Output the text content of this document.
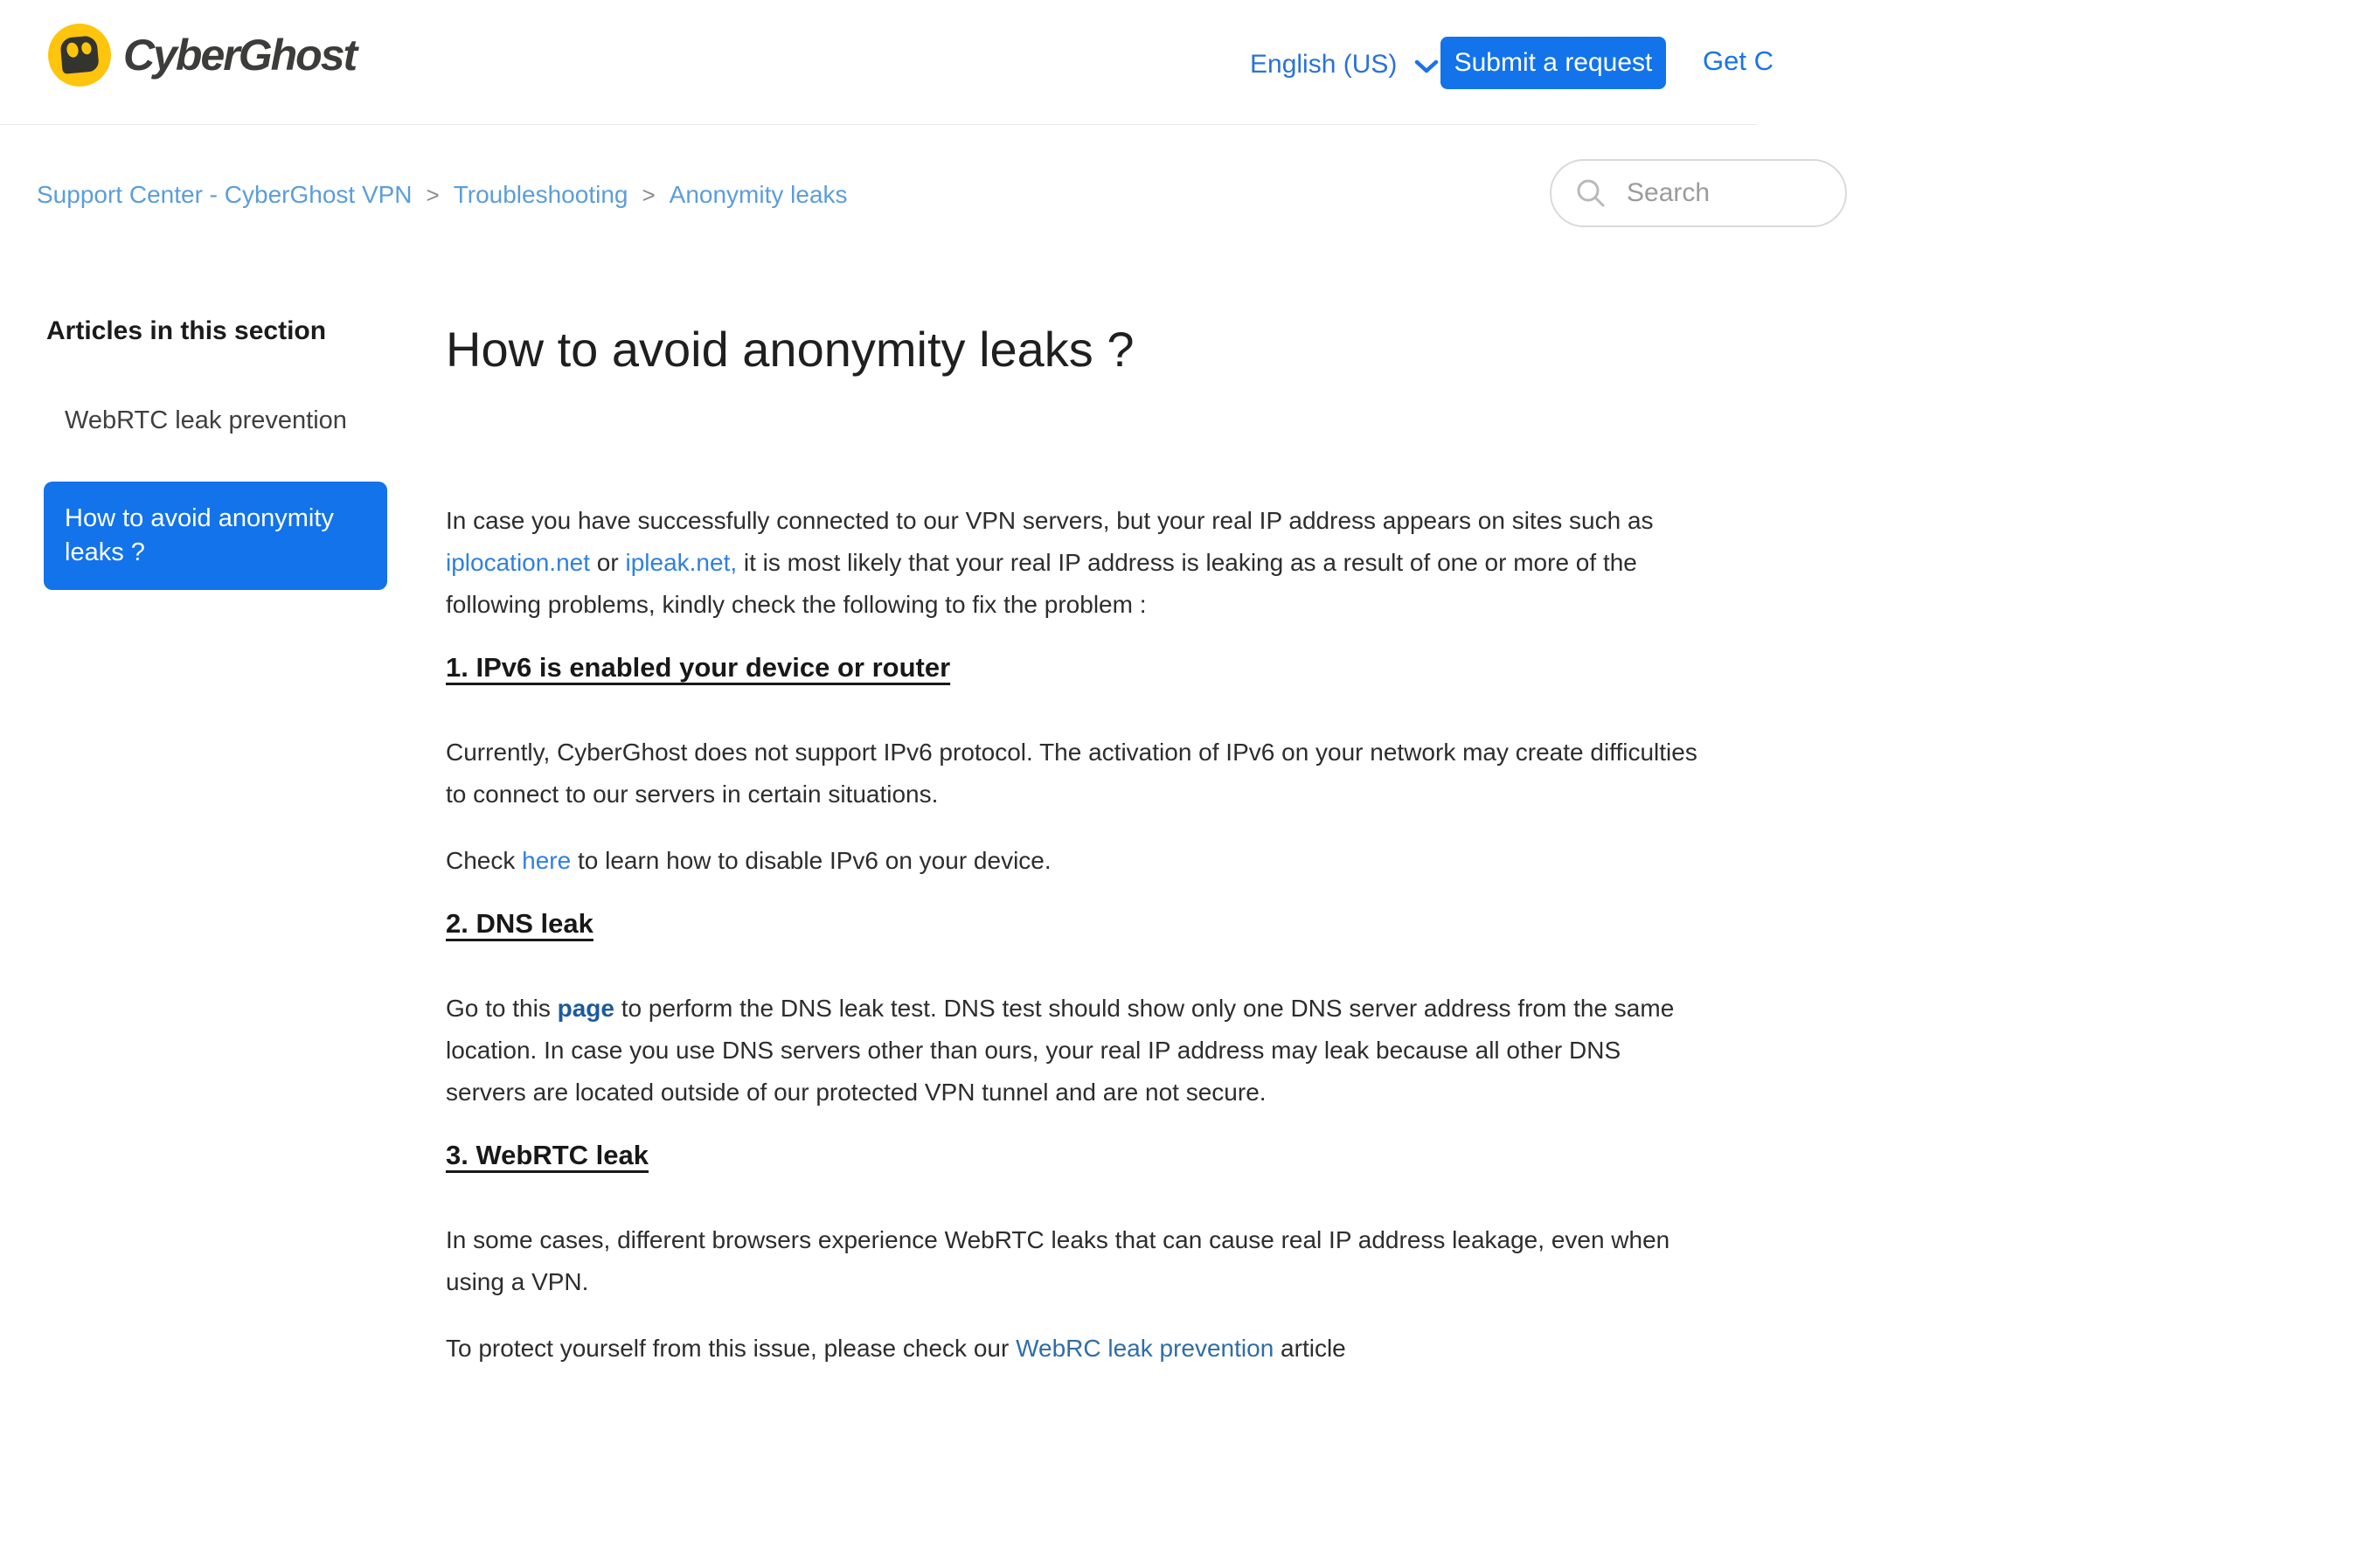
CyberGhost	English (US)	Submit a request	Get C
Support Center - CyberGhost VPN > Troubleshooting > Anonymity leaks
Search
Articles in this section
WebRTC leak prevention
How to avoid anonymity leaks ?
How to avoid anonymity leaks ?

In case you have successfully connected to our VPN servers, but your real IP address appears on sites such as iplocation.net or ipleak.net, it is most likely that your real IP address is leaking as a result of one or more of the following problems, kindly check the following to fix the problem :

1. IPv6 is enabled your device or router

Currently, CyberGhost does not support IPv6 protocol. The activation of IPv6 on your network may create difficulties to connect to our servers in certain situations.

Check here to learn how to disable IPv6 on your device.

2. DNS leak

Go to this page to perform the DNS leak test. DNS test should show only one DNS server address from the same location. In case you use DNS servers other than ours, your real IP address may leak because all other DNS servers are located outside of our protected VPN tunnel and are not secure.

3. WebRTC leak

In some cases, different browsers experience WebRTC leaks that can cause real IP address leakage, even when using a VPN.

To protect yourself from this issue, please check our WebRC leak prevention article
